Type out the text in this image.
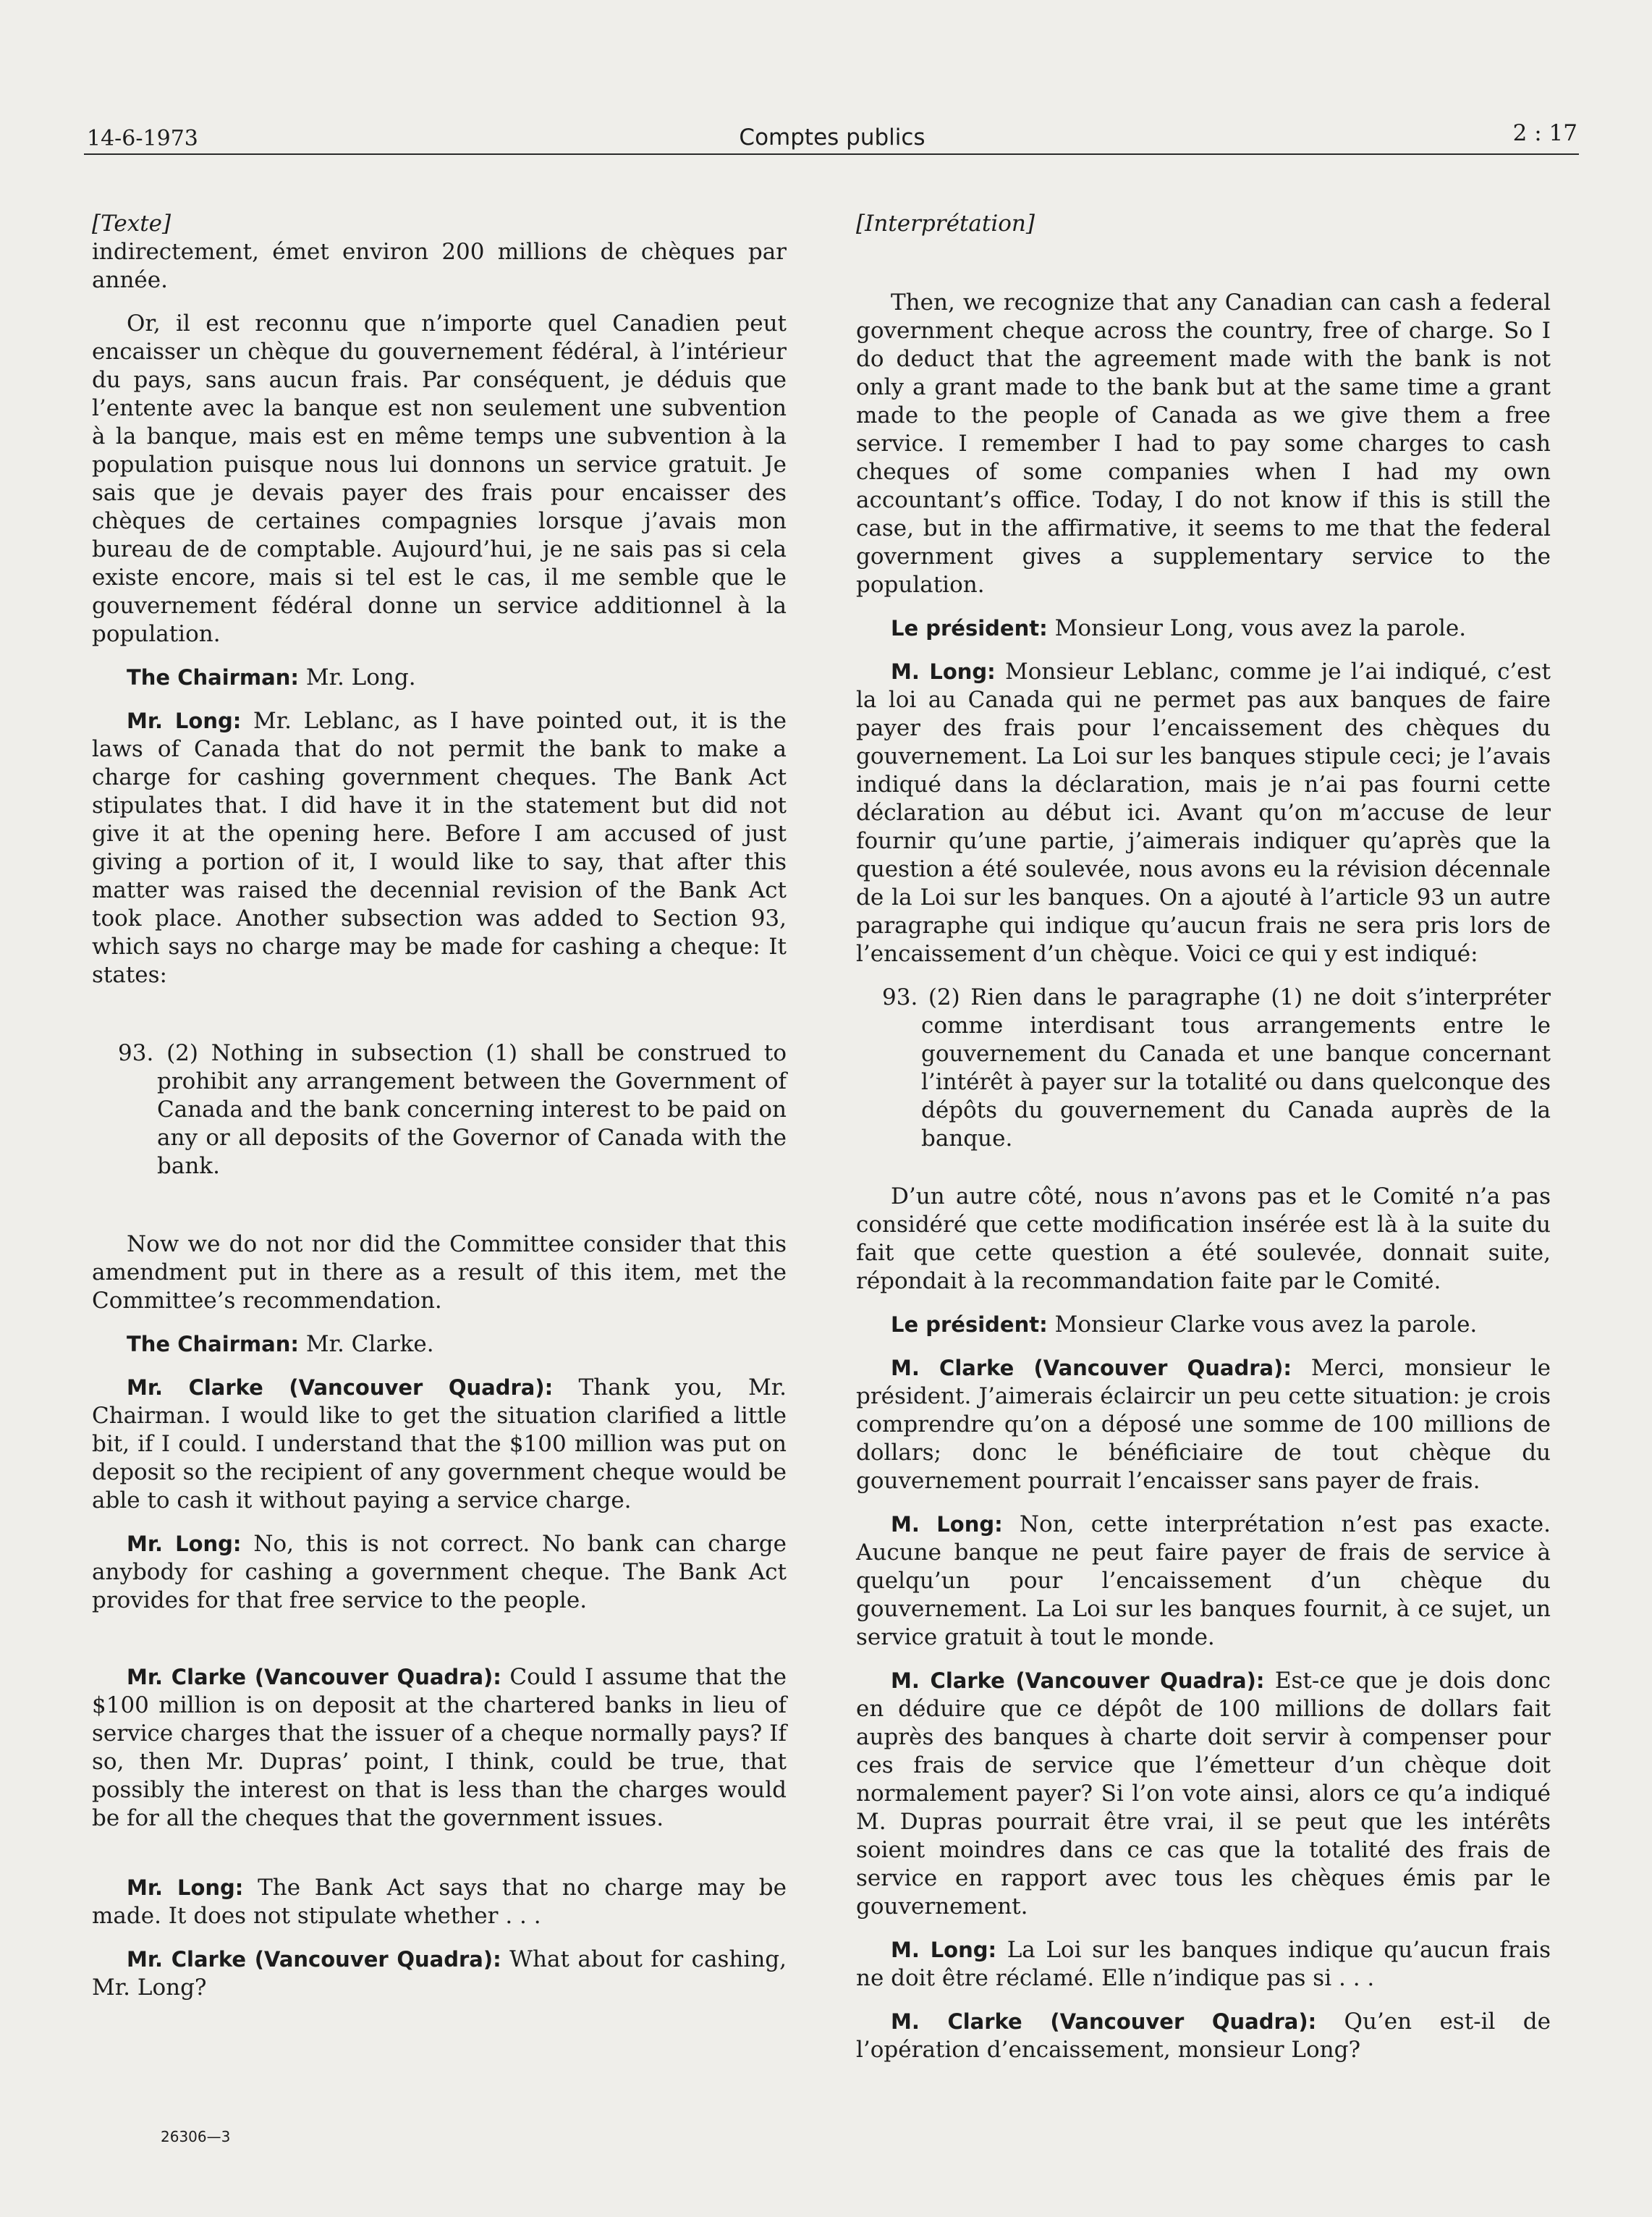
14-6-1973	Comptes publics	2 : 17

[Texte]

indirectement, émet environ 200 millions de chèques par année.

Or, il est reconnu que n’importe quel Canadien peut encaisser un chèque du gouvernement fédéral, à l’intérieur du pays, sans aucun frais. Par conséquent, je déduis que l’entente avec la banque est non seulement une subvention à la banque, mais est en même temps une subvention à la population puisque nous lui donnons un service gratuit. Je sais que je devais payer des frais pour encaisser des chèques de certaines compagnies lorsque j’avais mon bureau de de comptable. Aujourd’hui, je ne sais pas si cela existe encore, mais si tel est le cas, il me semble que le gouvernement fédéral donne un service additionnel à la population.

The Chairman: Mr. Long.

Mr. Long: Mr. Leblanc, as I have pointed out, it is the laws of Canada that do not permit the bank to make a charge for cashing government cheques. The Bank Act stipulates that. I did have it in the statement but did not give it at the opening here. Before I am accused of just giving a portion of it, I would like to say, that after this matter was raised the decennial revision of the Bank Act took place. Another subsection was added to Section 93, which says no charge may be made for cashing a cheque: It states:

93. (2) Nothing in subsection (1) shall be construed to prohibit any arrangement between the Government of Canada and the bank concerning interest to be paid on any or all deposits of the Governor of Canada with the bank.

Now we do not nor did the Committee consider that this amendment put in there as a result of this item, met the Committee’s recommendation.

The Chairman: Mr. Clarke.

Mr. Clarke (Vancouver Quadra): Thank you, Mr. Chairman. I would like to get the situation clarified a little bit, if I could. I understand that the $100 million was put on deposit so the recipient of any government cheque would be able to cash it without paying a service charge.

Mr. Long: No, this is not correct. No bank can charge anybody for cashing a government cheque. The Bank Act provides for that free service to the people.

Mr. Clarke (Vancouver Quadra): Could I assume that the $100 million is on deposit at the chartered banks in lieu of service charges that the issuer of a cheque normally pays? If so, then Mr. Dupras’ point, I think, could be true, that possibly the interest on that is less than the charges would be for all the cheques that the government issues.

Mr. Long: The Bank Act says that no charge may be made. It does not stipulate whether . . .

Mr. Clarke (Vancouver Quadra): What about for cashing, Mr. Long?

[Interprétation]

Then, we recognize that any Canadian can cash a federal government cheque across the country, free of charge. So I do deduct that the agreement made with the bank is not only a grant made to the bank but at the same time a grant made to the people of Canada as we give them a free service. I remember I had to pay some charges to cash cheques of some companies when I had my own accountant’s office. Today, I do not know if this is still the case, but in the affirmative, it seems to me that the federal government gives a supplementary service to the population.

Le président: Monsieur Long, vous avez la parole.

M. Long: Monsieur Leblanc, comme je l’ai indiqué, c’est la loi au Canada qui ne permet pas aux banques de faire payer des frais pour l’encaissement des chèques du gouvernement. La Loi sur les banques stipule ceci; je l’avais indiqué dans la déclaration, mais je n’ai pas fourni cette déclaration au début ici. Avant qu’on m’accuse de leur fournir qu’une partie, j’aimerais indiquer qu’après que la question a été soulevée, nous avons eu la révision décennale de la Loi sur les banques. On a ajouté à l’article 93 un autre paragraphe qui indique qu’aucun frais ne sera pris lors de l’encaissement d’un chèque. Voici ce qui y est indiqué:

93. (2) Rien dans le paragraphe (1) ne doit s’interpréter comme interdisant tous arrangements entre le gouvernement du Canada et une banque concernant l’intérêt à payer sur la totalité ou dans quelconque des dépôts du gouvernement du Canada auprès de la banque.

D’un autre côté, nous n’avons pas et le Comité n’a pas considéré que cette modification insérée est là à la suite du fait que cette question a été soulevée, donnait suite, répondait à la recommandation faite par le Comité.

Le président: Monsieur Clarke vous avez la parole.

M. Clarke (Vancouver Quadra): Merci, monsieur le président. J’aimerais éclaircir un peu cette situation: je crois comprendre qu’on a déposé une somme de 100 millions de dollars; donc le bénéficiaire de tout chèque du gouvernement pourrait l’encaisser sans payer de frais.

M. Long: Non, cette interprétation n’est pas exacte. Aucune banque ne peut faire payer de frais de service à quelqu’un pour l’encaissement d’un chèque du gouvernement. La Loi sur les banques fournit, à ce sujet, un service gratuit à tout le monde.

M. Clarke (Vancouver Quadra): Est-ce que je dois donc en déduire que ce dépôt de 100 millions de dollars fait auprès des banques à charte doit servir à compenser pour ces frais de service que l’émetteur d’un chèque doit normalement payer? Si l’on vote ainsi, alors ce qu’a indiqué M. Dupras pourrait être vrai, il se peut que les intérêts soient moindres dans ce cas que la totalité des frais de service en rapport avec tous les chèques émis par le gouvernement.

M. Long: La Loi sur les banques indique qu’aucun frais ne doit être réclamé. Elle n’indique pas si . . .

M. Clarke (Vancouver Quadra): Qu’en est-il de l’opération d’encaissement, monsieur Long?

26306—3
